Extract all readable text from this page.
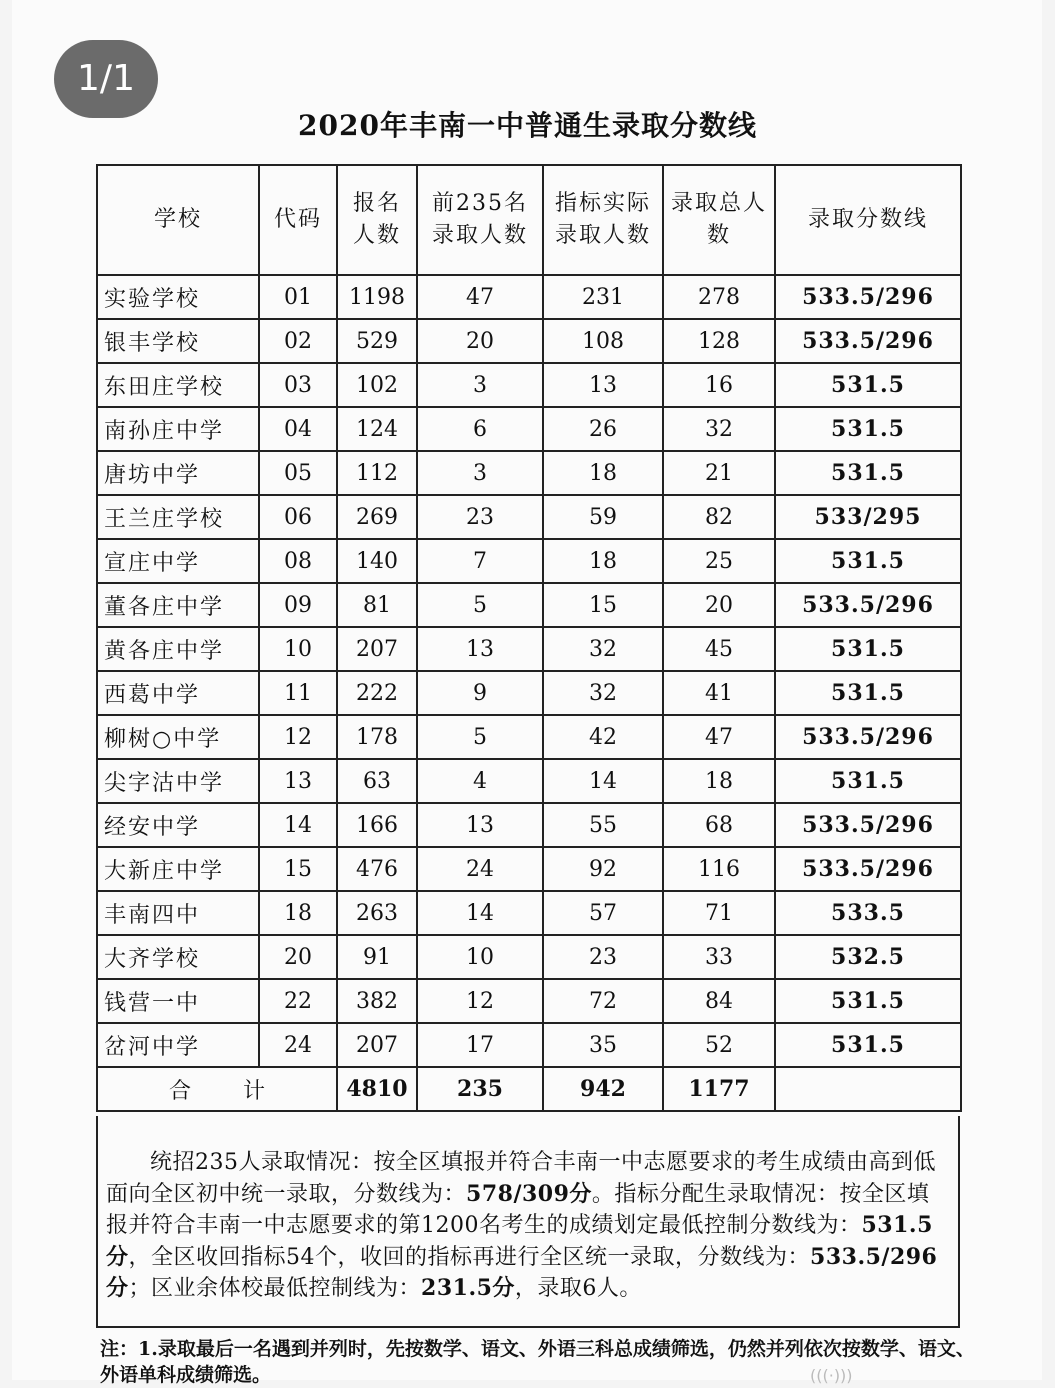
1/1
2020年丰南一中普通生录取分数线
学校	代码	报名人数	前235名录取人数	指标实际录取人数	录取总人数	录取分数线
实验学校	01	1198	47	231	278	533.5/296
银丰学校	02	529	20	108	128	533.5/296
东田庄学校	03	102	3	13	16	531.5
南孙庄中学	04	124	6	26	32	531.5
唐坊中学	05	112	3	18	21	531.5
王兰庄学校	06	269	23	59	82	533/295
宣庄中学	08	140	7	18	25	531.5
董各庄中学	09	81	5	15	20	533.5/296
黄各庄中学	10	207	13	32	45	531.5
西葛中学	11	222	9	32	41	531.5
柳树○中学	12	178	5	42	47	533.5/296
尖字沽中学	13	63	4	14	18	531.5
经安中学	14	166	13	55	68	533.5/296
大新庄中学	15	476	24	92	116	533.5/296
丰南四中	18	263	14	57	71	533.5
大齐学校	20	91	10	23	33	532.5
钱营一中	22	382	12	72	84	531.5
岔河中学	24	207	17	35	52	531.5
合计		4810	235	942	1177	
统招235人录取情况：按全区填报并符合丰南一中志愿要求的考生成绩由高到低面向全区初中统一录取，分数线为：578/309分。指标分配生录取情况：按全区填报并符合丰南一中志愿要求的第1200名考生的成绩划定最低控制分数线为：531.5分，全区收回指标54个，收回的指标再进行全区统一录取，分数线为：533.5/296分；区业余体校最低控制线为：231.5分，录取6人。
注：1.录取最后一名遇到并列时，先按数学、语文、外语三科总成绩筛选，仍然并列依次按数学、语文、外语单科成绩筛选。	(((·)))
